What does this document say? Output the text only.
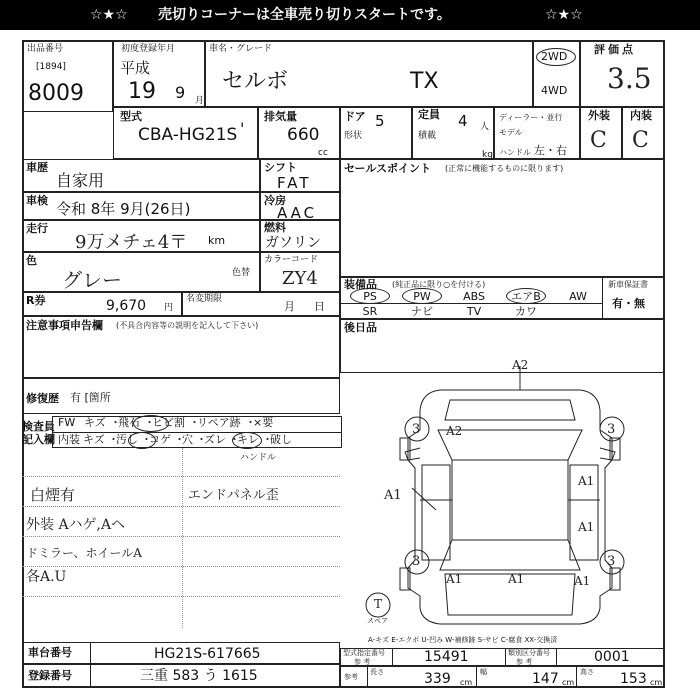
☆★☆ 売切りコーナーは全車売り切りスタートです。	☆★☆
出品番号
[1894]
8009
初度登録年月
平成
19 9 月
車名・グレード
セルボ	TX
2WD
4WD
評価点
3.5
型式
CBA-HG21S '
排気量
660
cc
ドア 5
形状
定員 4 人
積載
kg
ディーラー・並行
モデル
ハンドル 左・右
外装 内装
C C
車歴
自家用
シフト
FAT
車検 令和 8年 9月(26日)	冷房
AAC
走行
9万メチェ4〒 km
燃料
ガソリン
色
グレー	色替
カラーコード
ZY4
R券	9,670 円
名変期限
月 日
注意事項申告欄 (不具合内容等の説明を記入して下さい)
修復歴 有 [箇所
セールスポイント (正常に機能するものに限ります)
装備品 (純正品に限り○を付ける)	新車保証書
有・無
後日品
検査員
記入欄
ハンドル
白煙有
外装 Aハゲ,Aヘ
ドミラー、ホイールA
各A.U
エンドパネル歪
A2
3 A2	3
A1
A1
A1
3	3
A1	A1	A1
T
スペア
A-キズ E-エクボ U-凹み W-補修跡 S-サビ C-腐食 XX-交換済
車台番号	HG21S-617665
登録番号	三重 583 う 1615
型式指定番号
参 考	15491	類別区分番号
参 考	0001
参考
長さ	339 cm
幅	147 cm
高さ 153 cm
PS	PW	ABS	エアB	AW
SR	ナビ	TV	カワ
FW キズ ・
飛石 ・
ヒビ割 ・
リペア跡 ・
×要
内装 キズ ・
汚し ・
コゲ ・
穴 ・
ズレ ・
キレ ・
破し
